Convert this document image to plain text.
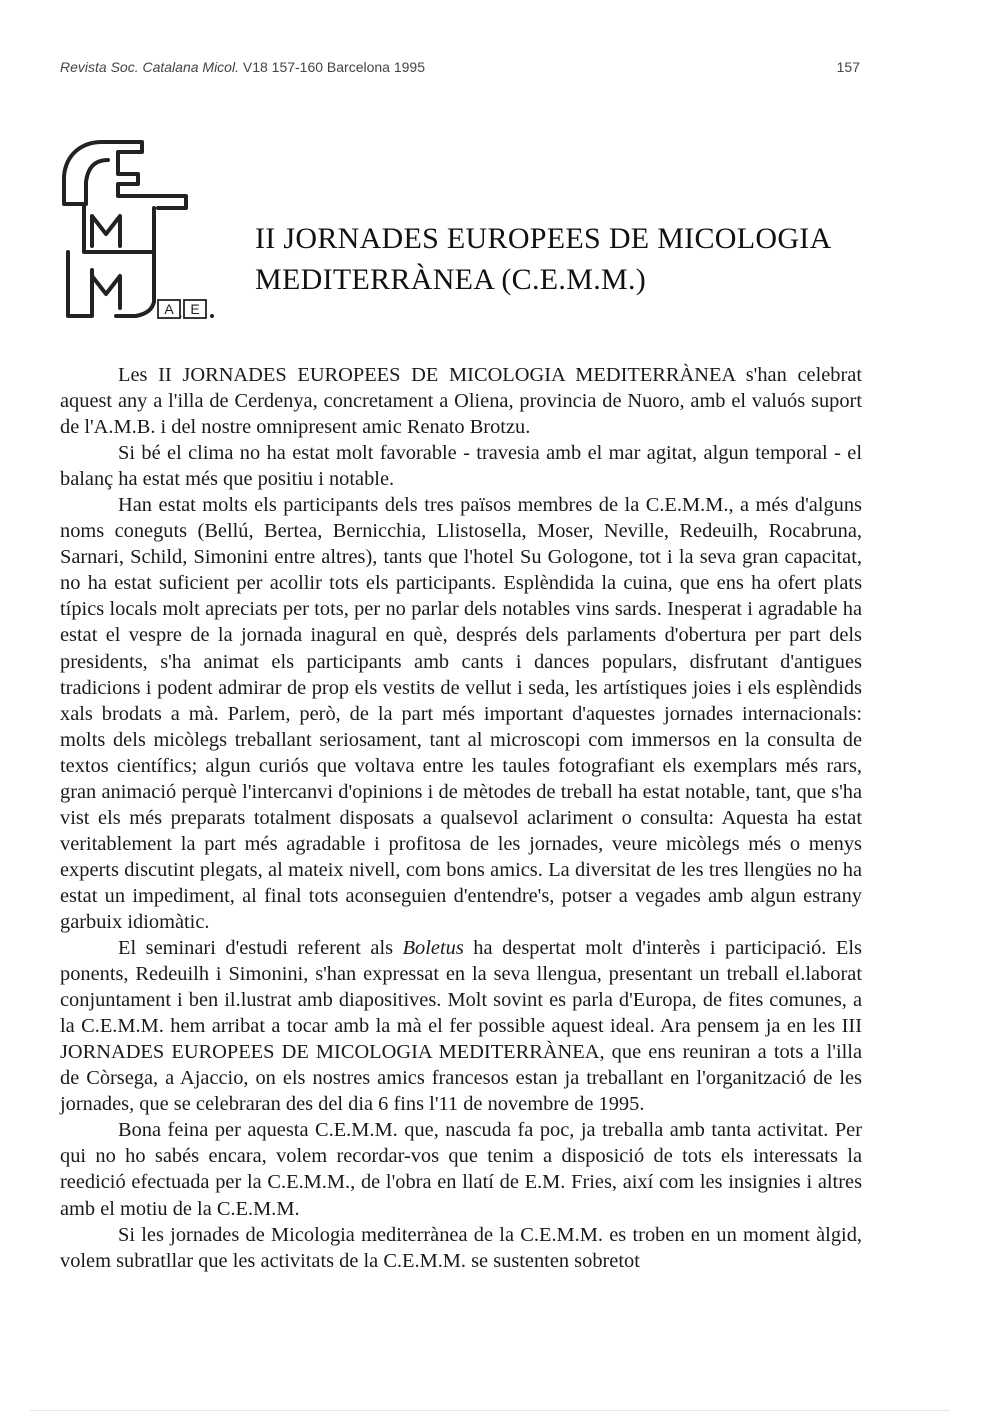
Revista Soc. Catalana Micol. V18 157-160 Barcelona 1995	157
A . E
II JORNADES EUROPEES DE MICOLOGIA
MEDITERRÀNEA (C.E.M.M.)

Les II JORNADES EUROPEES DE MICOLOGIA MEDITERRÀNEA s'han celebrat aquest any a l'illa de Cerdenya, concretament a Oliena, provincia de Nuoro, amb el valuós suport de l'A.M.B. i del nostre omnipresent amic Renato Brotzu.

Si bé el clima no ha estat molt favorable - travesia amb el mar agitat, algun temporal - el balanç ha estat més que positiu i notable.

Han estat molts els participants dels tres països membres de la C.E.M.M., a més d'alguns noms coneguts (Bellú, Bertea, Bernicchia, Llistosella, Moser, Neville, Redeuilh, Rocabruna, Sarnari, Schild, Simonini entre altres), tants que l'hotel Su Gologone, tot i la seva gran capacitat, no ha estat suficient per acollir tots els participants. Esplèndida la cuina, que ens ha ofert plats típics locals molt apreciats per tots, per no parlar dels notables vins sards. Inesperat i agradable ha estat el vespre de la jornada inagural en què, després dels parlaments d'obertura per part dels presidents, s'ha animat els participants amb cants i dances populars, disfrutant d'antigues tradicions i podent admirar de prop els vestits de vellut i seda, les artístiques joies i els esplèndids xals brodats a mà. Parlem, però, de la part més important d'aquestes jornades internacionals: molts dels micòlegs treballant seriosament, tant al microscopi com immersos en la consulta de textos científics; algun curiós que voltava entre les taules fotografiant els exemplars més rars, gran animació perquè l'intercanvi d'opinions i de mètodes de treball ha estat notable, tant, que s'ha vist els més preparats totalment disposats a qualsevol aclariment o consulta: Aquesta ha estat veritablement la part més agradable i profitosa de les jornades, veure micòlegs més o menys experts discutint plegats, al mateix nivell, com bons amics. La diversitat de les tres llengües no ha estat un impediment, al final tots aconseguien d'entendre's, potser a vegades amb algun estrany garbuix idiomàtic.

El seminari d'estudi referent als Boletus ha despertat molt d'interès i participació. Els ponents, Redeuilh i Simonini, s'han expressat en la seva llengua, presentant un treball el.laborat conjuntament i ben il.lustrat amb diapositives. Molt sovint es parla d'Europa, de fites comunes, a la C.E.M.M. hem arribat a tocar amb la mà el fer possible aquest ideal. Ara pensem ja en les III JORNADES EUROPEES DE MICOLOGIA MEDITERRÀNEA, que ens reuniran a tots a l'illa de Còrsega, a Ajaccio, on els nostres amics francesos estan ja treballant en l'organització de les jornades, que se celebraran des del dia 6 fins l'11 de novembre de 1995.

Bona feina per aquesta C.E.M.M. que, nascuda fa poc, ja treballa amb tanta activitat. Per qui no ho sabés encara, volem recordar-vos que tenim a disposició de tots els interessats la reedició efectuada per la C.E.M.M., de l'obra en llatí de E.M. Fries, així com les insignies i altres amb el motiu de la C.E.M.M.

Si les jornades de Micologia mediterrànea de la C.E.M.M. es troben en un moment àlgid, volem subratllar que les activitats de la C.E.M.M. se sustenten sobretot
